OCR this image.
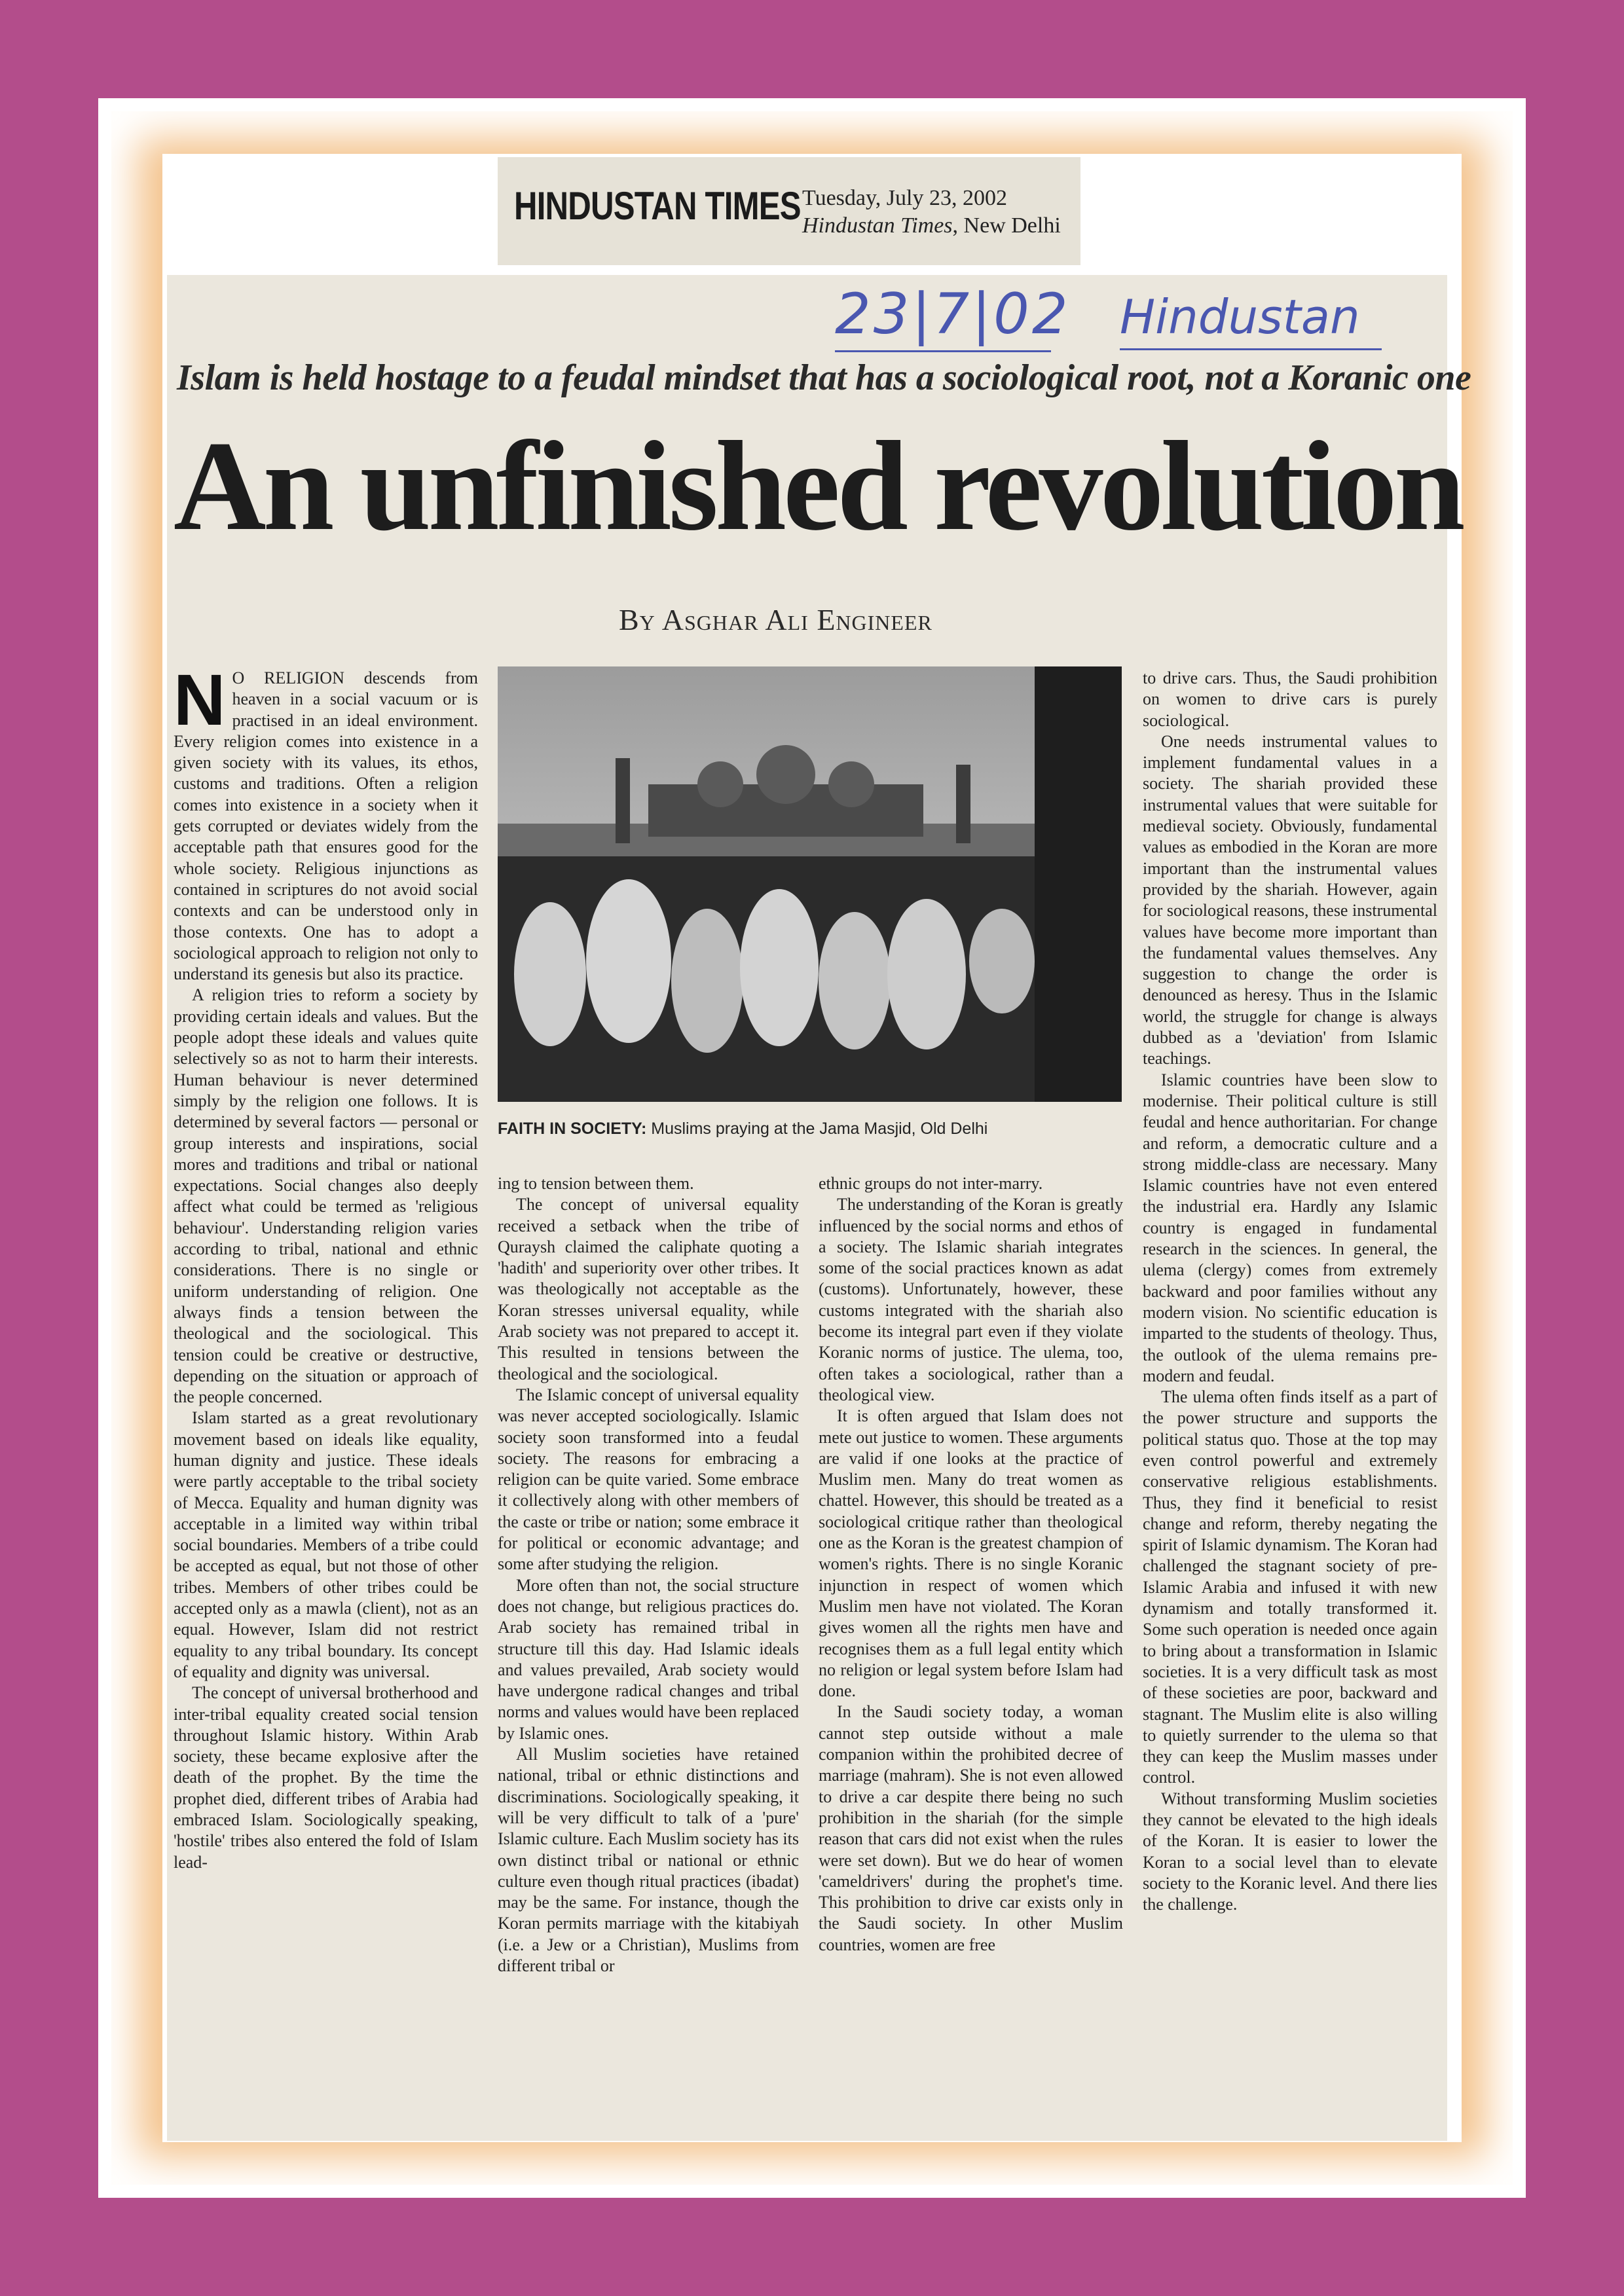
HINDUSTAN TIMES Tuesday, July 23, 2002
Hindustan Times, New Delhi
23|7|02 Hindustan
Islam is held hostage to a feudal mindset that has a sociological root, not a Koranic one
An unfinished revolution
By Asghar Ali Engineer

N O RELIGION descends from heaven in a social vacuum or is practised in an ideal environment. Every religion comes into existence in a given society with its values, its ethos, customs and traditions. Often a religion comes into existence in a society when it gets corrupted or deviates widely from the acceptable path that ensures good for the whole society. Religious injunctions as contained in scriptures do not avoid social contexts and can be understood only in those contexts. One has to adopt a sociological approach to religion not only to understand its genesis but also its practice.

A religion tries to reform a society by providing certain ideals and values. But the people adopt these ideals and values quite selectively so as not to harm their interests. Human behaviour is never determined simply by the religion one follows. It is determined by several factors — personal or group interests and inspirations, social mores and traditions and tribal or national expectations. Social changes also deeply affect what could be termed as 'religious behaviour'. Understanding religion varies according to tribal, national and ethnic considerations. There is no single or uniform understanding of religion. One always finds a tension between the theological and the sociological. This tension could be creative or destructive, depending on the situation or approach of the people concerned.

Islam started as a great revolutionary movement based on ideals like equality, human dignity and justice. These ideals were partly acceptable to the tribal society of Mecca. Equality and human dignity was acceptable in a limited way within tribal social boundaries. Members of a tribe could be accepted as equal, but not those of other tribes. Members of other tribes could be accepted only as a mawla (client), not as an equal. However, Islam did not restrict equality to any tribal boundary. Its concept of equality and dignity was universal.

The concept of universal brotherhood and inter-tribal equality created social tension throughout Islamic history. Within Arab society, these became explosive after the death of the prophet. By the time the prophet died, different tribes of Arabia had embraced Islam. Sociologically speaking, 'hostile' tribes also entered the fold of Islam lead-

FAITH IN SOCIETY: Muslims praying at the Jama Masjid, Old Delhi

ing to tension between them.

The concept of universal equality received a setback when the tribe of Quraysh claimed the caliphate quoting a 'hadith' and superiority over other tribes. It was theologically not acceptable as the Koran stresses universal equality, while Arab society was not prepared to accept it. This resulted in tensions between the theological and the sociological.

The Islamic concept of universal equality was never accepted sociologically. Islamic society soon transformed into a feudal society. The reasons for embracing a religion can be quite varied. Some embrace it collectively along with other members of the caste or tribe or nation; some embrace it for political or economic advantage; and some after studying the religion.

More often than not, the social structure does not change, but religious practices do. Arab society has remained tribal in structure till this day. Had Islamic ideals and values prevailed, Arab society would have undergone radical changes and tribal norms and values would have been replaced by Islamic ones.

All Muslim societies have retained national, tribal or ethnic distinctions and discriminations. Sociologically speaking, it will be very difficult to talk of a 'pure' Islamic culture. Each Muslim society has its own distinct tribal or national or ethnic culture even though ritual practices (ibadat) may be the same. For instance, though the Koran permits marriage with the kitabiyah (i.e. a Jew or a Christian), Muslims from different tribal or

ethnic groups do not inter-marry.

The understanding of the Koran is greatly influenced by the social norms and ethos of a society. The Islamic shariah integrates some of the social practices known as adat (customs). Unfortunately, however, these customs integrated with the shariah also become its integral part even if they violate Koranic norms of justice. The ulema, too, often takes a sociological, rather than a theological view.

It is often argued that Islam does not mete out justice to women. These arguments are valid if one looks at the practice of Muslim men. Many do treat women as chattel. However, this should be treated as a sociological critique rather than theological one as the Koran is the greatest champion of women's rights. There is no single Koranic injunction in respect of women which Muslim men have not violated. The Koran gives women all the rights men have and recognises them as a full legal entity which no religion or legal system before Islam had done.

In the Saudi society today, a woman cannot step outside without a male companion within the prohibited decree of marriage (mahram). She is not even allowed to drive a car despite there being no such prohibition in the shariah (for the simple reason that cars did not exist when the rules were set down). But we do hear of women 'cameldrivers' during the prophet's time. This prohibition to drive car exists only in the Saudi society. In other Muslim countries, women are free

to drive cars. Thus, the Saudi prohibition on women to drive cars is purely sociological.

One needs instrumental values to implement fundamental values in a society. The shariah provided these instrumental values that were suitable for medieval society. Obviously, fundamental values as embodied in the Koran are more important than the instrumental values provided by the shariah. However, again for sociological reasons, these instrumental values have become more important than the fundamental values themselves. Any suggestion to change the order is denounced as heresy. Thus in the Islamic world, the struggle for change is always dubbed as a 'deviation' from Islamic teachings.

Islamic countries have been slow to modernise. Their political culture is still feudal and hence authoritarian. For change and reform, a democratic culture and a strong middle-class are necessary. Many Islamic countries have not even entered the industrial era. Hardly any Islamic country is engaged in fundamental research in the sciences. In general, the ulema (clergy) comes from extremely backward and poor families without any modern vision. No scientific education is imparted to the students of theology. Thus, the outlook of the ulema remains pre-modern and feudal.

The ulema often finds itself as a part of the power structure and supports the political status quo. Those at the top may even control powerful and extremely conservative religious establishments. Thus, they find it beneficial to resist change and reform, thereby negating the spirit of Islamic dynamism. The Koran had challenged the stagnant society of pre-Islamic Arabia and infused it with new dynamism and totally transformed it. Some such operation is needed once again to bring about a transformation in Islamic societies. It is a very difficult task as most of these societies are poor, backward and stagnant. The Muslim elite is also willing to quietly surrender to the ulema so that they can keep the Muslim masses under control.

Without transforming Muslim societies they cannot be elevated to the high ideals of the Koran. It is easier to lower the Koran to a social level than to elevate society to the Koranic level. And there lies the challenge.
